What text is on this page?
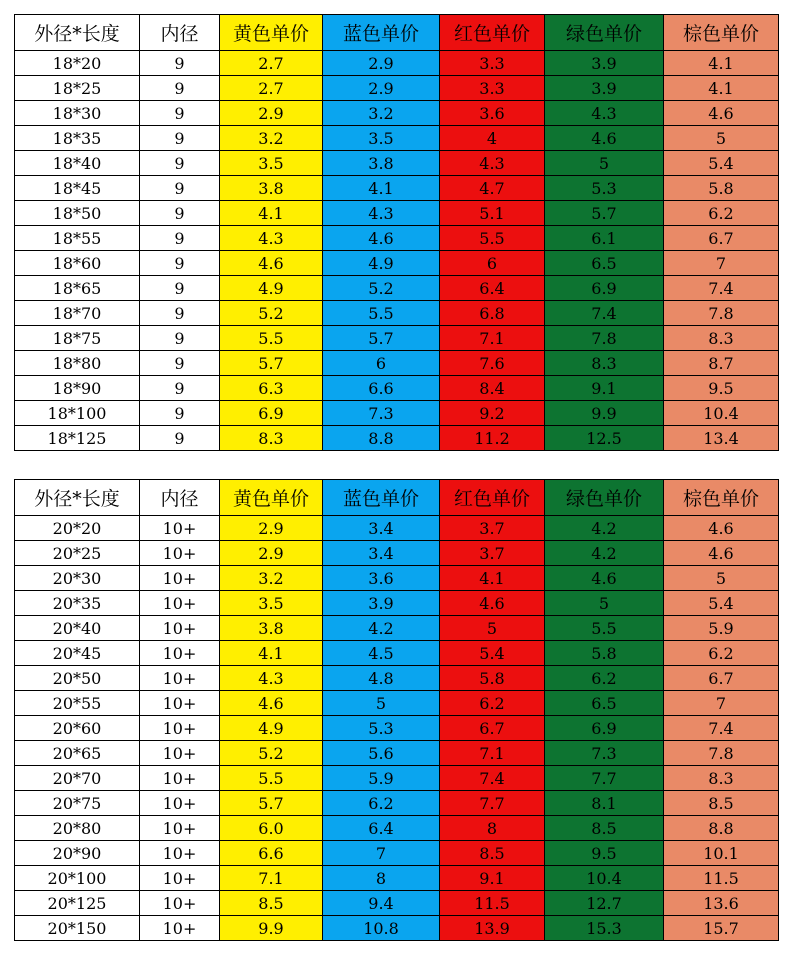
外径*长度	内径	黄色单价	蓝色单价	红色单价	绿色单价	棕色单价
18*20	9	2.7	2.9	3.3	3.9	4.1
18*25	9	2.7	2.9	3.3	3.9	4.1
18*30	9	2.9	3.2	3.6	4.3	4.6
18*35	9	3.2	3.5	4	4.6	5
18*40	9	3.5	3.8	4.3	5	5.4
18*45	9	3.8	4.1	4.7	5.3	5.8
18*50	9	4.1	4.3	5.1	5.7	6.2
18*55	9	4.3	4.6	5.5	6.1	6.7
18*60	9	4.6	4.9	6	6.5	7
18*65	9	4.9	5.2	6.4	6.9	7.4
18*70	9	5.2	5.5	6.8	7.4	7.8
18*75	9	5.5	5.7	7.1	7.8	8.3
18*80	9	5.7	6	7.6	8.3	8.7
18*90	9	6.3	6.6	8.4	9.1	9.5
18*100	9	6.9	7.3	9.2	9.9	10.4
18*125	9	8.3	8.8	11.2	12.5	13.4
外径*长度	内径	黄色单价	蓝色单价	红色单价	绿色单价	棕色单价
20*20	10+	2.9	3.4	3.7	4.2	4.6
20*25	10+	2.9	3.4	3.7	4.2	4.6
20*30	10+	3.2	3.6	4.1	4.6	5
20*35	10+	3.5	3.9	4.6	5	5.4
20*40	10+	3.8	4.2	5	5.5	5.9
20*45	10+	4.1	4.5	5.4	5.8	6.2
20*50	10+	4.3	4.8	5.8	6.2	6.7
20*55	10+	4.6	5	6.2	6.5	7
20*60	10+	4.9	5.3	6.7	6.9	7.4
20*65	10+	5.2	5.6	7.1	7.3	7.8
20*70	10+	5.5	5.9	7.4	7.7	8.3
20*75	10+	5.7	6.2	7.7	8.1	8.5
20*80	10+	6.0	6.4	8	8.5	8.8
20*90	10+	6.6	7	8.5	9.5	10.1
20*100	10+	7.1	8	9.1	10.4	11.5
20*125	10+	8.5	9.4	11.5	12.7	13.6
20*150	10+	9.9	10.8	13.9	15.3	15.7
